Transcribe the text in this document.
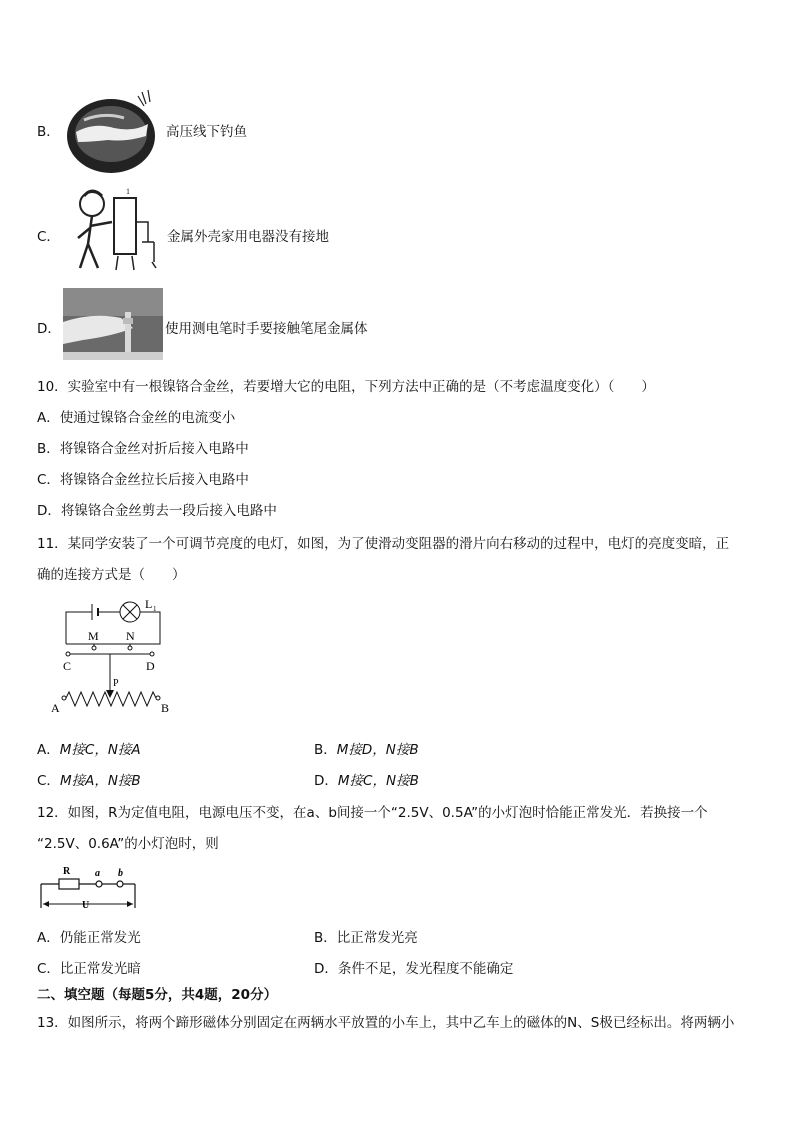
B．	高压线下钓鱼
C．
1
金属外壳家用电器没有接地
D．	使用测电笔时手要接触笔尾金属体
10．实验室中有一根镍铬合金丝，若要增大它的电阻，下列方法中正确的是（不考虑温度变化）（　　）
A．使通过镍铬合金丝的电流变小
B．将镍铬合金丝对折后接入电路中
C．将镍铬合金丝拉长后接入电路中
D．将镍铬合金丝剪去一段后接入电路中
11．某同学安装了一个可调节亮度的电灯，如图，为了使滑动变阻器的滑片向右移动的过程中，电灯的亮度变暗，正
确的连接方式是（　　）
L 1
M N
C	D
P
A	B
A．M接C，N接A	B．M接D，N接B
C．M接A，N接B	D．M接C，N接B
12．如图，R为定值电阻，电源电压不变，在a、b间接一个“2.5V、0.5A”的小灯泡时恰能正常发光．若换接一个
“2.5V、0.6A”的小灯泡时，则
R a b
U
A．仍能正常发光	B．比正常发光亮
C．比正常发光暗	D．条件不足，发光程度不能确定
二、填空题（每题5分，共4题，20分）
13．如图所示，将两个蹄形磁体分别固定在两辆水平放置的小车上，其中乙车上的磁体的N、S极已经标出。将两辆小
